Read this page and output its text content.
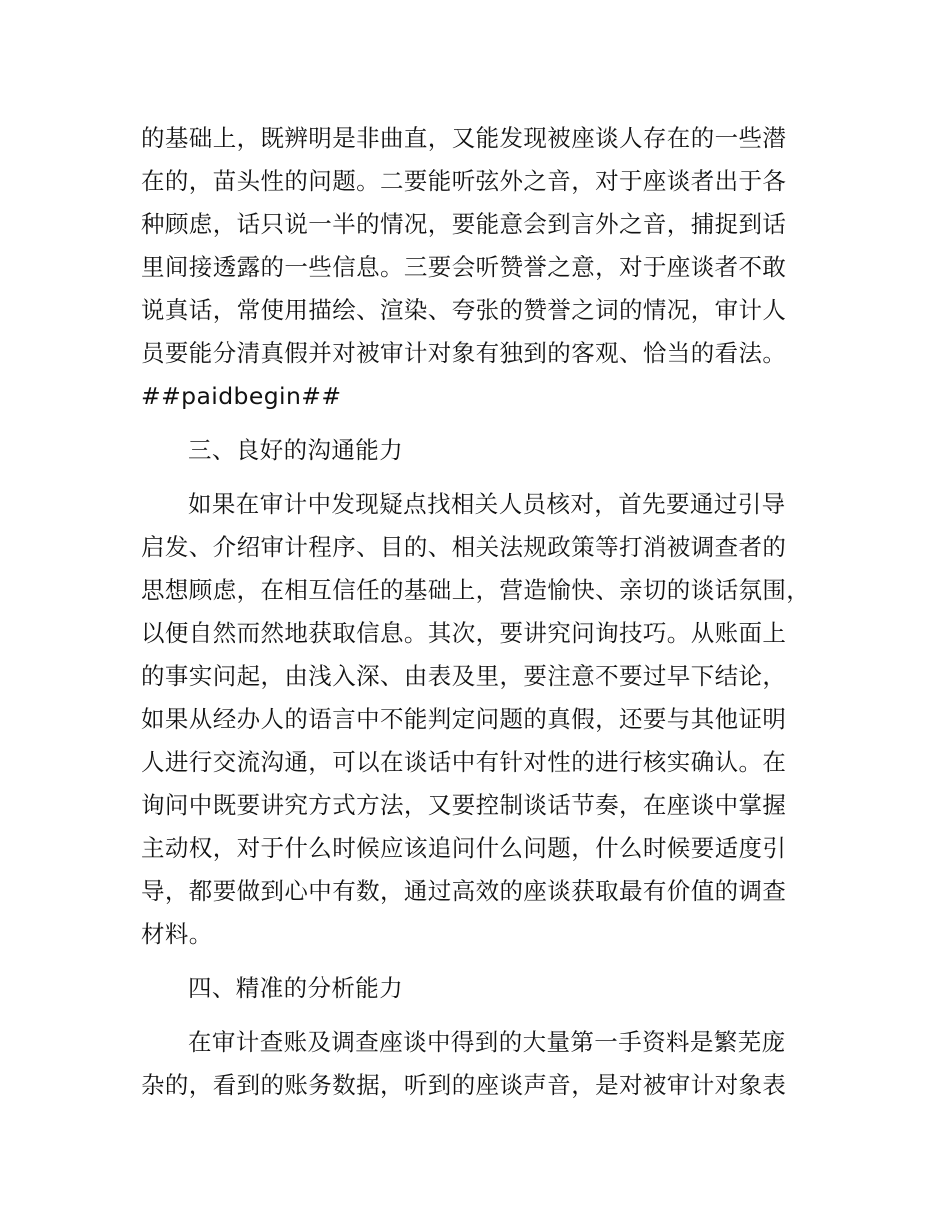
的基础上，既辨明是非曲直，又能发现被座谈人存在的一些潜
在的，苗头性的问题。二要能听弦外之音，对于座谈者出于各
种顾虑，话只说一半的情况，要能意会到言外之音，捕捉到话
里间接透露的一些信息。三要会听赞誉之意，对于座谈者不敢
说真话，常使用描绘、渲染、夸张的赞誉之词的情况，审计人
员要能分清真假并对被审计对象有独到的客观、恰当的看法。
##paidbegin##
三、良好的沟通能力
如果在审计中发现疑点找相关人员核对，首先要通过引导
启发、介绍审计程序、目的、相关法规政策等打消被调查者的
思想顾虑，在相互信任的基础上，营造愉快、亲切的谈话氛围，
以便自然而然地获取信息。其次，要讲究问询技巧。从账面上
的事实问起，由浅入深、由表及里，要注意不要过早下结论，
如果从经办人的语言中不能判定问题的真假，还要与其他证明
人进行交流沟通，可以在谈话中有针对性的进行核实确认。在
询问中既要讲究方式方法，又要控制谈话节奏，在座谈中掌握
主动权，对于什么时候应该追问什么问题，什么时候要适度引
导，都要做到心中有数，通过高效的座谈获取最有价值的调查
材料。
四、精准的分析能力
在审计查账及调查座谈中得到的大量第一手资料是繁芜庞
杂的，看到的账务数据，听到的座谈声音，是对被审计对象表
